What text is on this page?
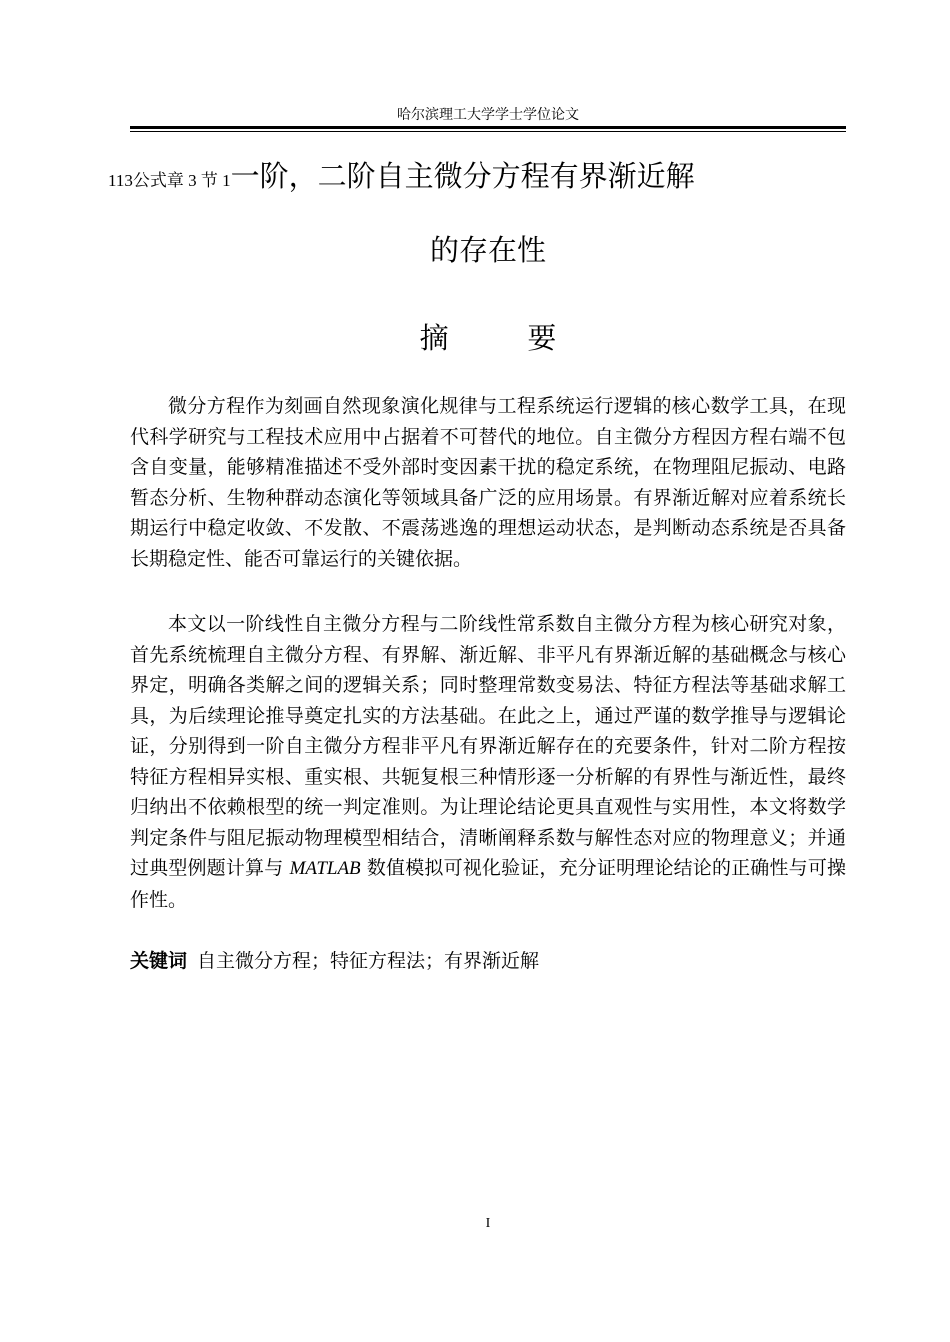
哈尔滨理工大学学士学位论文
113公式章 3 节 1一阶，二阶自主微分方程有界渐近解
的存在性
摘 要

微分方程作为刻画自然现象演化规律与工程系统运行逻辑的核心数学工具，在现代科学研究与工程技术应用中占据着不可替代的地位。自主微分方程因方程右端不包含自变量，能够精准描述不受外部时变因素干扰的稳定系统，在物理阻尼振动、电路暂态分析、生物种群动态演化等领域具备广泛的应用场景。有界渐近解对应着系统长期运行中稳定收敛、不发散、不震荡逃逸的理想运动状态，是判断动态系统是否具备长期稳定性、能否可靠运行的关键依据。

本文以一阶线性自主微分方程与二阶线性常系数自主微分方程为核心研究对象，首先系统梳理自主微分方程、有界解、渐近解、非平凡有界渐近解的基础概念与核心界定，明确各类解之间的逻辑关系；同时整理常数变易法、特征方程法等基础求解工具，为后续理论推导奠定扎实的方法基础。在此之上，通过严谨的数学推导与逻辑论证，分别得到一阶自主微分方程非平凡有界渐近解存在的充要条件，针对二阶方程按特征方程相异实根、重实根、共轭复根三种情形逐一分析解的有界性与渐近性，最终归纳出不依赖根型的统一判定准则。为让理论结论更具直观性与实用性，本文将数学判定条件与阻尼振动物理模型相结合，清晰阐释系数与解性态对应的物理意义；并通过典型例题计算与 MATLAB 数值模拟可视化验证，充分证明理论结论的正确性与可操作性。

关键词 自主微分方程；特征方程法；有界渐近解
I
